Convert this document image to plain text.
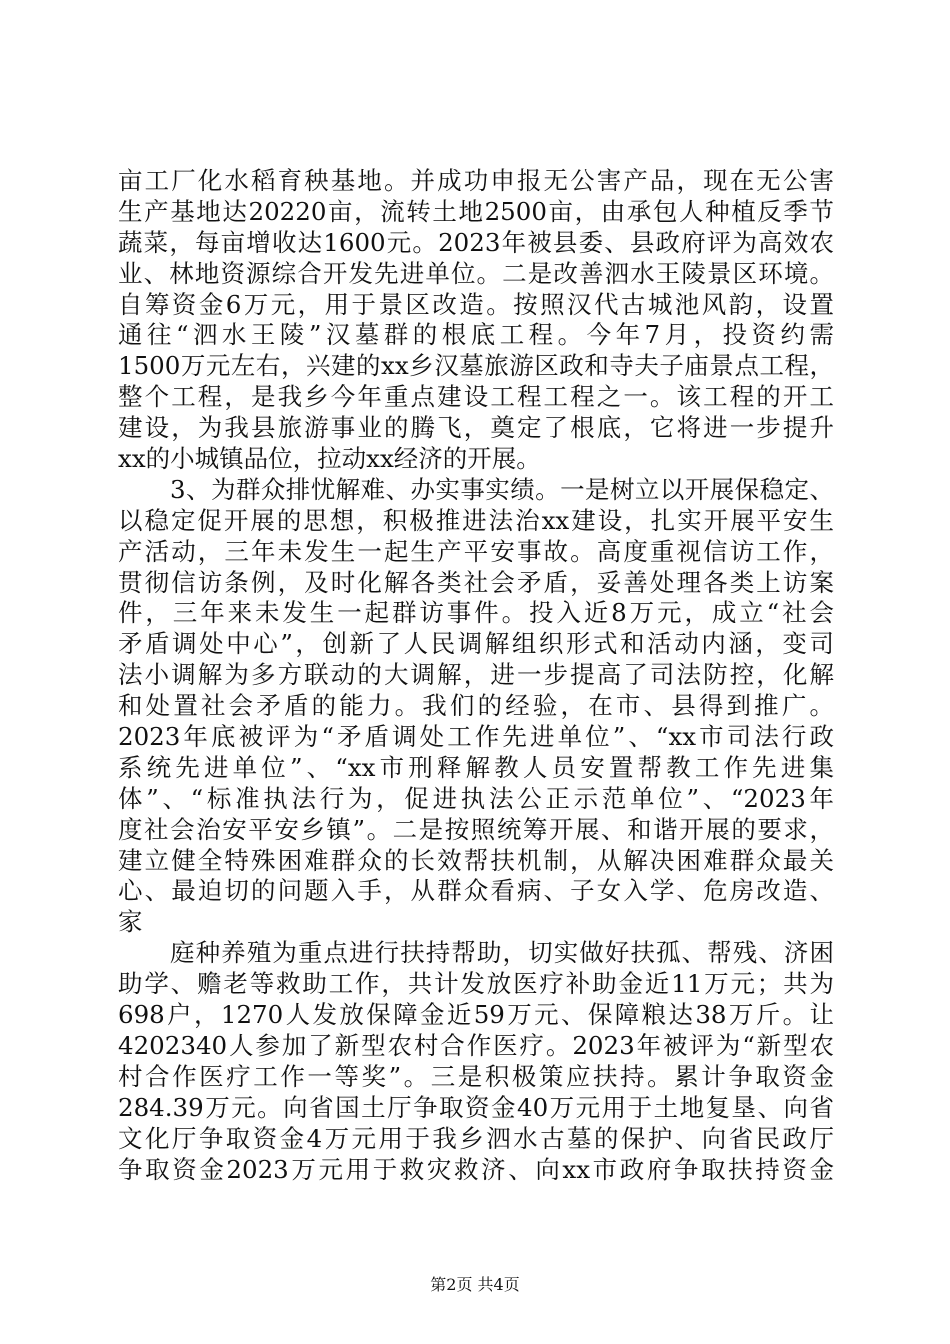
亩工厂化水稻育秧基地。并成功申报无公害产品，现在无公害
生产基地达20220亩，流转土地2500亩，由承包人种植反季节
蔬菜，每亩增收达1600元。2023年被县委、县政府评为高效农
业、林地资源综合开发先进单位。二是改善泗水王陵景区环境。
自筹资金6万元，用于景区改造。按照汉代古城池风韵，设置
通往“泗水王陵”汉墓群的根底工程。今年7月，投资约需
1500万元左右，兴建的xx乡汉墓旅游区政和寺夫子庙景点工程，
整个工程，是我乡今年重点建设工程工程之一。该工程的开工
建设，为我县旅游事业的腾飞，奠定了根底，它将进一步提升
xx的小城镇品位，拉动xx经济的开展。
3、为群众排忧解难、办实事实绩。一是树立以开展保稳定、
以稳定促开展的思想，积极推进法治xx建设，扎实开展平安生
产活动，三年未发生一起生产平安事故。高度重视信访工作，
贯彻信访条例，及时化解各类社会矛盾，妥善处理各类上访案
件，三年来未发生一起群访事件。投入近8万元，成立“社会
矛盾调处中心”，创新了人民调解组织形式和活动内涵，变司
法小调解为多方联动的大调解，进一步提高了司法防控，化解
和处置社会矛盾的能力。我们的经验，在市、县得到推广。
2023年底被评为“矛盾调处工作先进单位”、“xx市司法行政
系统先进单位”、“xx市刑释解教人员安置帮教工作先进集
体”、“标准执法行为，促进执法公正示范单位”、“2023年
度社会治安平安乡镇”。二是按照统筹开展、和谐开展的要求，
建立健全特殊困难群众的长效帮扶机制，从解决困难群众最关
心、最迫切的问题入手，从群众看病、子女入学、危房改造、
家
庭种养殖为重点进行扶持帮助，切实做好扶孤、帮残、济困
助学、赡老等救助工作，共计发放医疗补助金近11万元；共为
698户，1270人发放保障金近59万元、保障粮达38万斤。让
4202340人参加了新型农村合作医疗。2023年被评为“新型农
村合作医疗工作一等奖”。三是积极策应扶持。累计争取资金
284.39万元。向省国土厅争取资金40万元用于土地复垦、向省
文化厅争取资金4万元用于我乡泗水古墓的保护、向省民政厅
争取资金2023万元用于救灾救济、向xx市政府争取扶持资金
第2页 共4页
